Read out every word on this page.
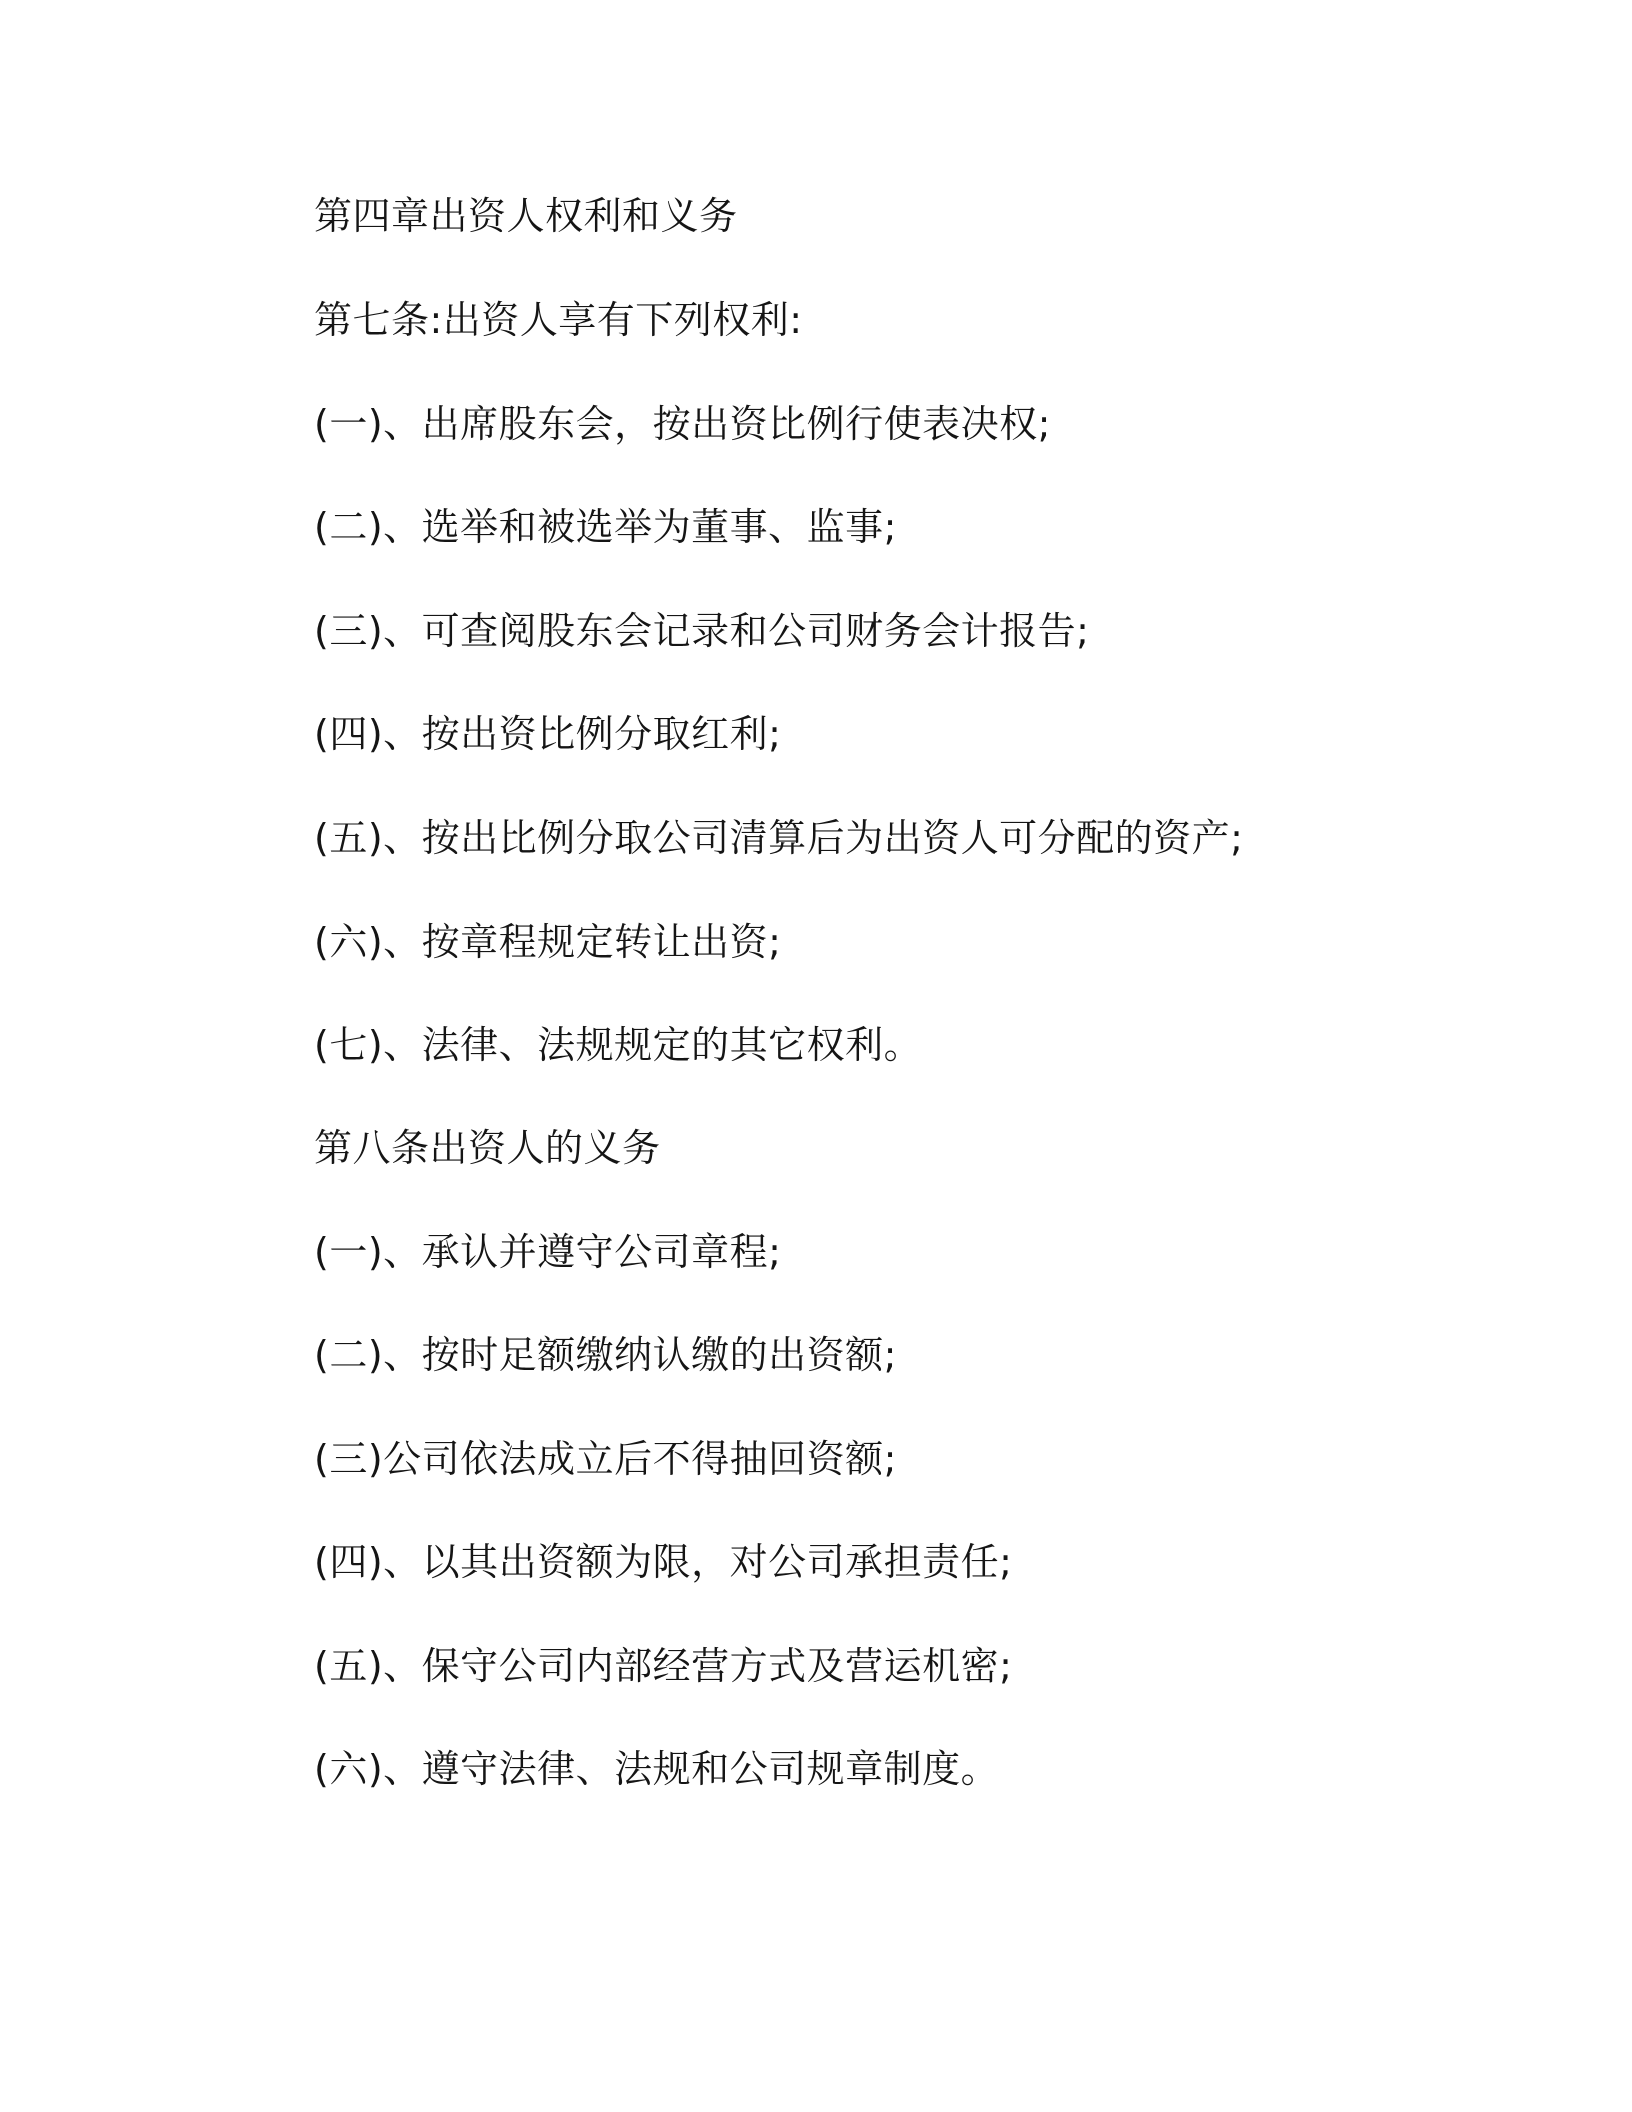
第四章出资人权利和义务

第七条:出资人享有下列权利:

(一)、出席股东会，按出资比例行使表决权;

(二)、选举和被选举为董事、监事;

(三)、可查阅股东会记录和公司财务会计报告;

(四)、按出资比例分取红利;

(五)、按出比例分取公司清算后为出资人可分配的资产;

(六)、按章程规定转让出资;

(七)、法律、法规规定的其它权利。

第八条出资人的义务

(一)、承认并遵守公司章程;

(二)、按时足额缴纳认缴的出资额;

(三)公司依法成立后不得抽回资额;

(四)、以其出资额为限，对公司承担责任;

(五)、保守公司内部经营方式及营运机密;

(六)、遵守法律、法规和公司规章制度。
